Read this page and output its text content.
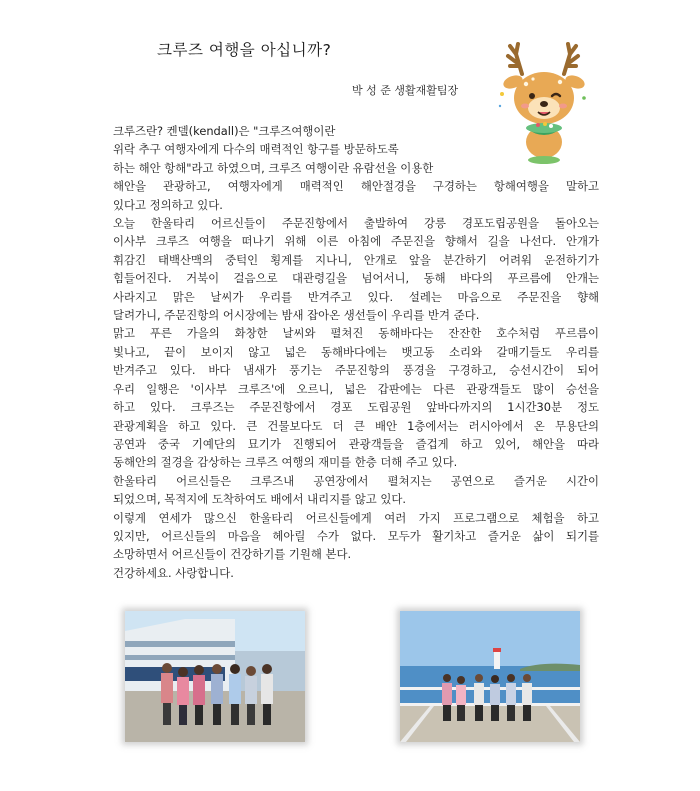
크루즈 여행을 아십니까?
박 성 준 생활재활팀장
크루즈란? 켄델(kendall)은 "크루즈여행이란
위락 추구 여행자에게 다수의 매력적인 항구를 방문하도록
하는 해안 항해"라고 하였으며, 크루즈 여행이란 유람선을 이용한
해안을 관광하고, 여행자에게 매력적인 해안절경을 구경하는 항해여행을 말하고
있다고 정의하고 있다.
오늘 한울타리 어르신들이 주문진항에서 출발하여 강릉 경포도립공원을 돌아오는
이사부 크루즈 여행을 떠나기 위해 이른 아침에 주문진을 향해서 길을 나선다. 안개가
휘감긴 태백산맥의 중턱인 횡계를 지나니, 안개로 앞을 분간하기 어려워 운전하기가
힘들어진다. 거북이 걸음으로 대관령길을 넘어서니, 동해 바다의 푸르름에 안개는
사라지고 맑은 날씨가 우리를 반겨주고 있다. 설레는 마음으로 주문진을 향해
달려가니, 주문진항의 어시장에는 밤새 잡아온 생선들이 우리를 반겨 준다.
맑고 푸른 가을의 화창한 날씨와 펼쳐진 동해바다는 잔잔한 호수처럼 푸르름이
빛나고, 끝이 보이지 않고 넓은 동해바다에는 뱃고동 소리와 갈매기들도 우리를
반겨주고 있다. 바다 냄새가 풍기는 주문진항의 풍경을 구경하고, 승선시간이 되어
우리 일행은 '이사부 크루즈'에 오르니, 넓은 갑판에는 다른 관광객들도 많이 승선을
하고 있다. 크루즈는 주문진항에서 경포 도립공원 앞바다까지의 1시간30분 정도
관광계획을 하고 있다. 큰 건물보다도 더 큰 배안 1층에서는 러시아에서 온 무용단의
공연과 중국 기예단의 묘기가 진행되어 관광객들을 즐겁게 하고 있어, 해안을 따라
동해안의 절경을 감상하는 크루즈 여행의 재미를 한층 더해 주고 있다.
한울타리 어르신들은 크루즈내 공연장에서 펼쳐지는 공연으로 즐거운 시간이
되었으며, 목적지에 도착하여도 배에서 내리지를 않고 있다.
이렇게 연세가 많으신 한울타리 어르신들에게 여러 가지 프로그램으로 체험을 하고
있지만, 어르신들의 마음을 헤아릴 수가 없다. 모두가 활기차고 즐거운 삶이 되기를
소망하면서 어르신들이 건강하기를 기원해 본다.
건강하세요. 사랑합니다.
